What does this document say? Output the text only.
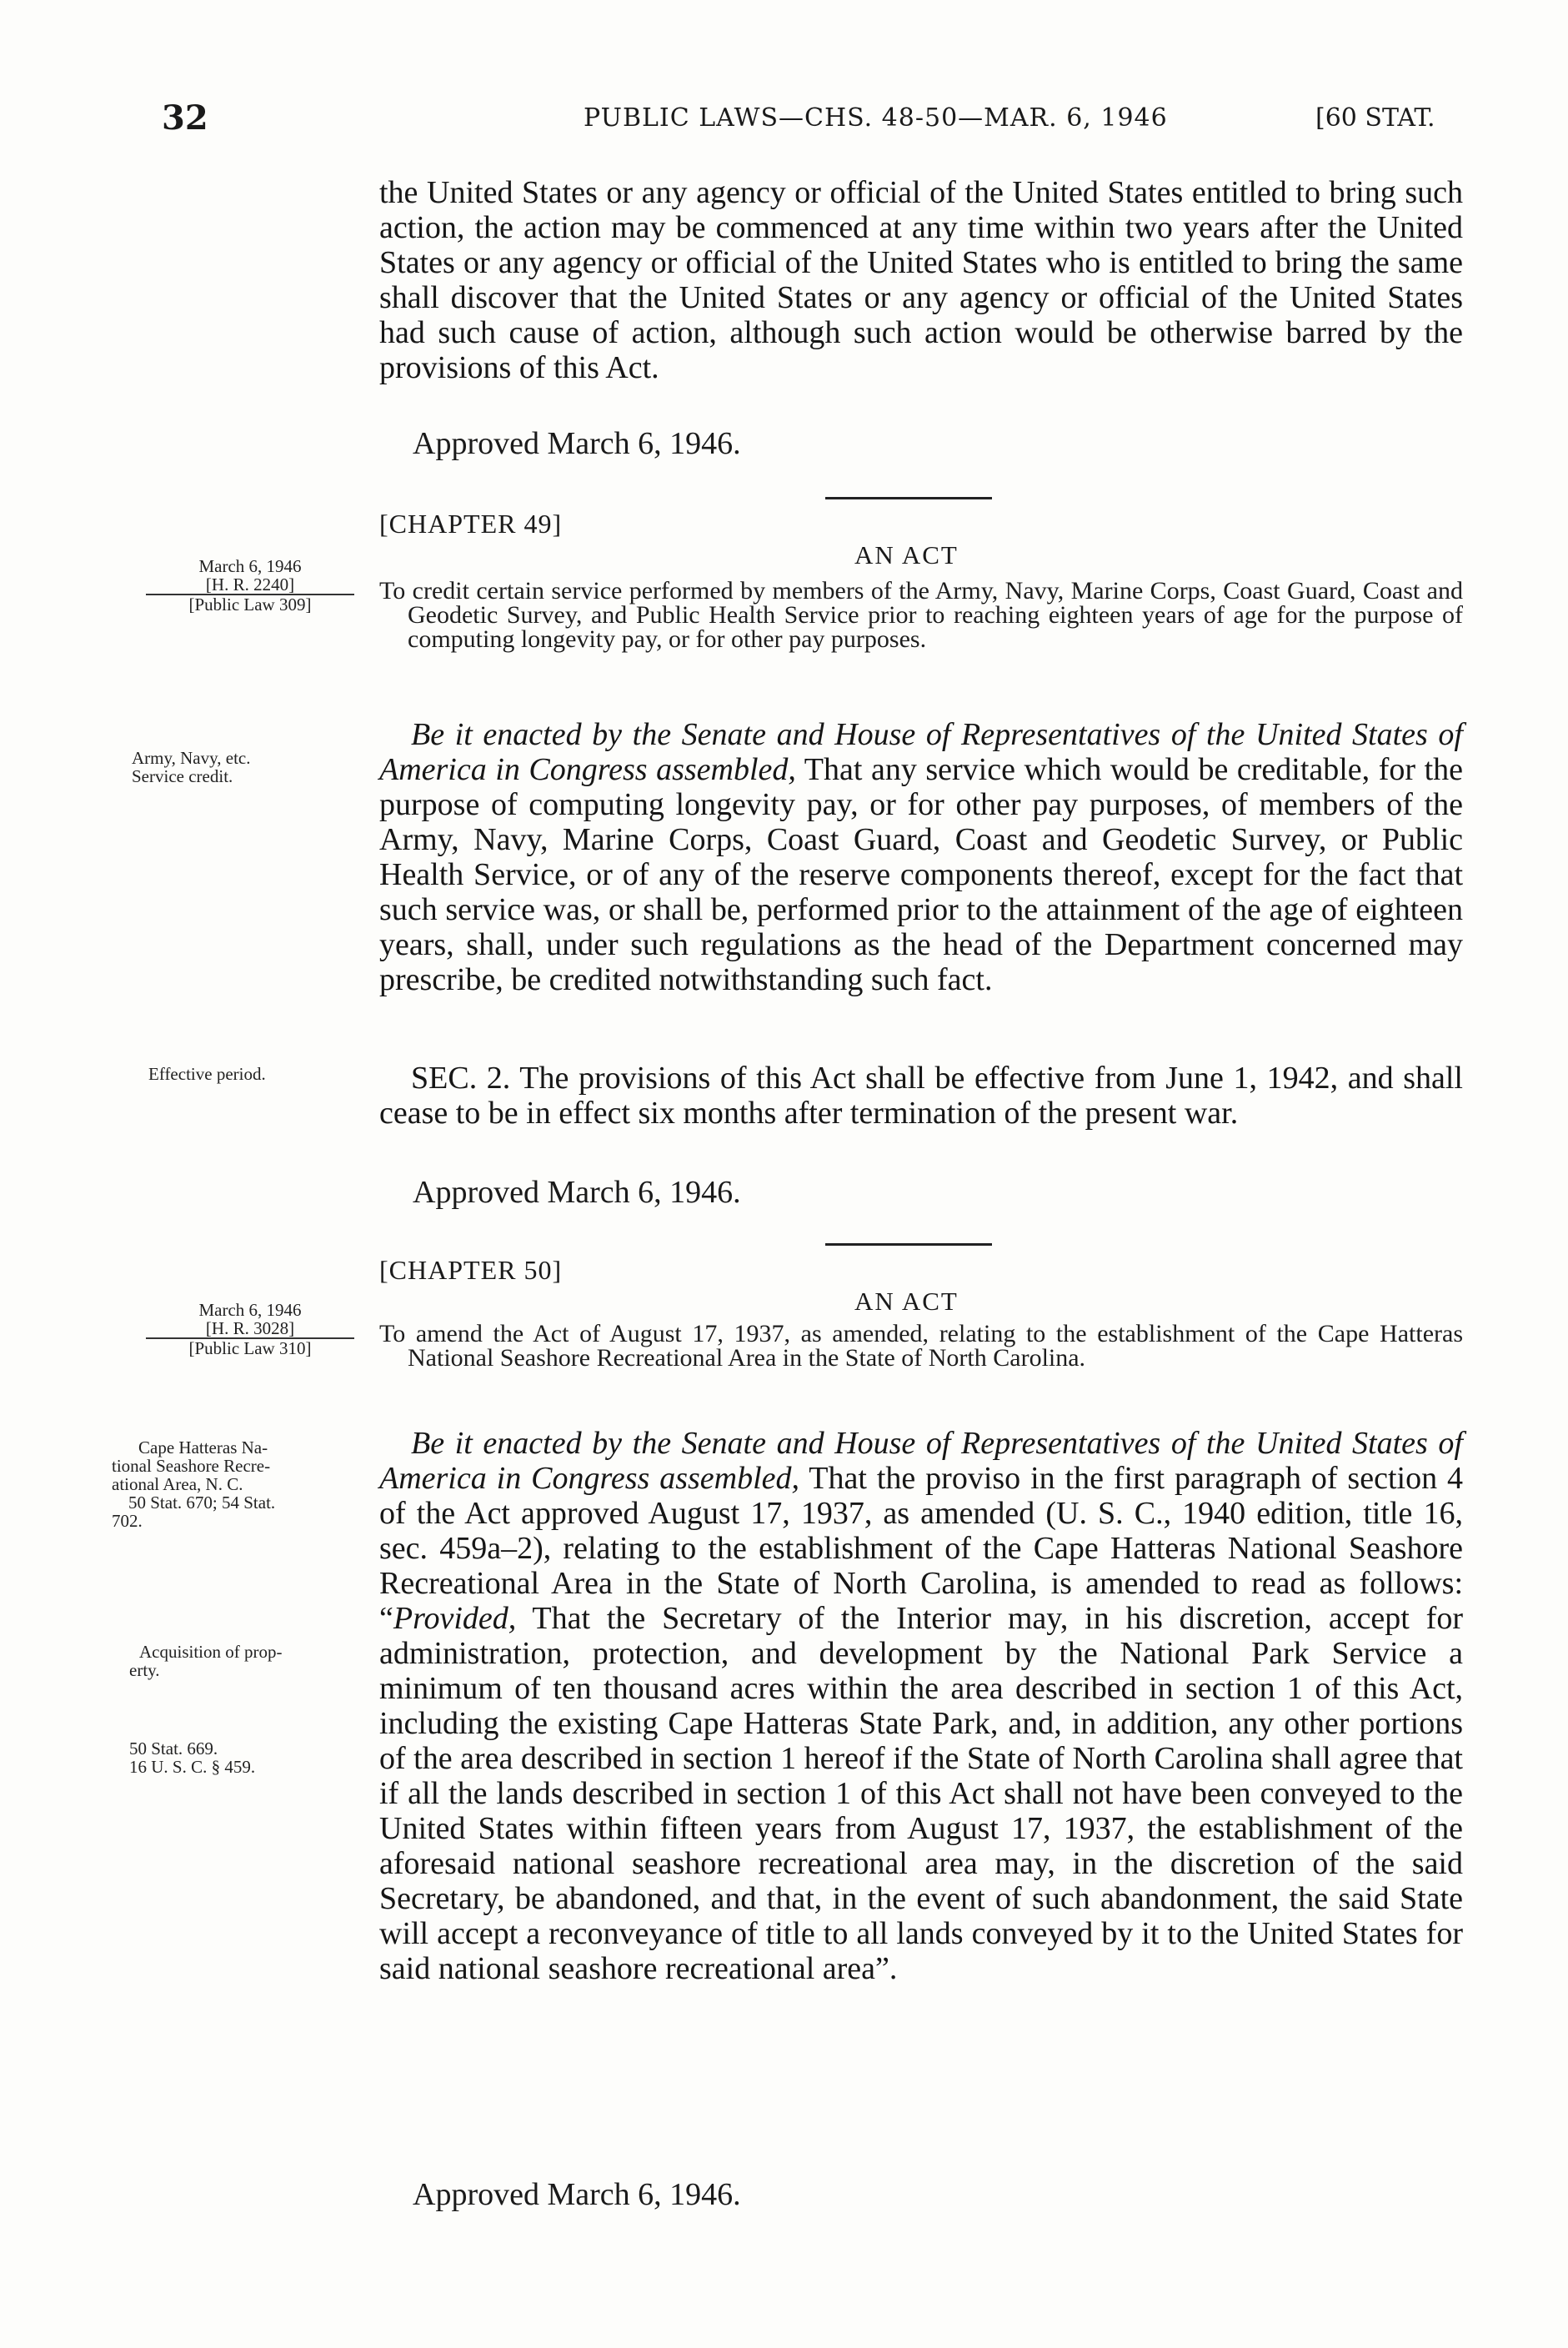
32	PUBLIC LAWS—CHS. 48-50—MAR. 6, 1946	[60 STAT.

the United States or any agency or official of the United States entitled to bring such action, the action may be commenced at any time within two years after the United States or any agency or official of the United States who is entitled to bring the same shall discover that the United States or any agency or official of the United States had such cause of action, although such action would be otherwise barred by the provisions of this Act.

Approved March 6, 1946.
[CHAPTER 49]
AN ACT
March 6, 1946
[H. R. 2240]
[Public Law 309]	To credit certain service performed by members of the Army, Navy, Marine Corps, Coast Guard, Coast and Geodetic Survey, and Public Health Service prior to reaching eighteen years of age for the purpose of computing longevity pay, or for other pay purposes.
Army, Navy, etc.
Service credit.

Be it enacted by the Senate and House of Representatives of the United States of America in Congress assembled, That any service which would be creditable, for the purpose of computing longevity pay, or for other pay purposes, of members of the Army, Navy, Marine Corps, Coast Guard, Coast and Geodetic Survey, or Public Health Service, or of any of the reserve components thereof, except for the fact that such service was, or shall be, performed prior to the attainment of the age of eighteen years, shall, under such regulations as the head of the Department concerned may prescribe, be credited notwithstanding such fact.

Effective period.	SEC. 2. The provisions of this Act shall be effective from June 1, 1942, and shall cease to be in effect six months after termination of the present war.

Approved March 6, 1946.
[CHAPTER 50]
AN ACT
March 6, 1946
[H. R. 3028]
[Public Law 310]
To amend the Act of August 17, 1937, as amended, relating to the establishment of the Cape Hatteras National Seashore Recreational Area in the State of North Carolina.
Cape Hatteras Na-
tional Seashore Recre-
ational Area, N. C.
50 Stat. 670; 54 Stat.
702.

Be it enacted by the Senate and House of Representatives of the United States of America in Congress assembled, That the proviso in the first paragraph of section 4 of the Act approved August 17, 1937, as amended (U. S. C., 1940 edition, title 16, sec. 459a–2), relating to the establishment of the Cape Hatteras National Seashore Recreational Area in the State of North Carolina, is amended to read as follows: “Provided, That the Secretary of the Interior may, in his discretion, accept for administration, protection, and development by the National Park Service a minimum of ten thousand acres within the area described in section 1 of this Act, including the existing Cape Hatteras State Park, and, in addition, any other portions of the area described in section 1 hereof if the State of North Carolina shall agree that if all the lands described in section 1 of this Act shall not have been conveyed to the United States within fifteen years from August 17, 1937, the establishment of the aforesaid national seashore recreational area may, in the discretion of the said Secretary, be abandoned, and that, in the event of such abandonment, the said State will accept a reconveyance of title to all lands conveyed by it to the United States for said national seashore recreational area”.

Acquisition of prop-
erty.
50 Stat. 669.
16 U. S. C. § 459.
Approved March 6, 1946.
